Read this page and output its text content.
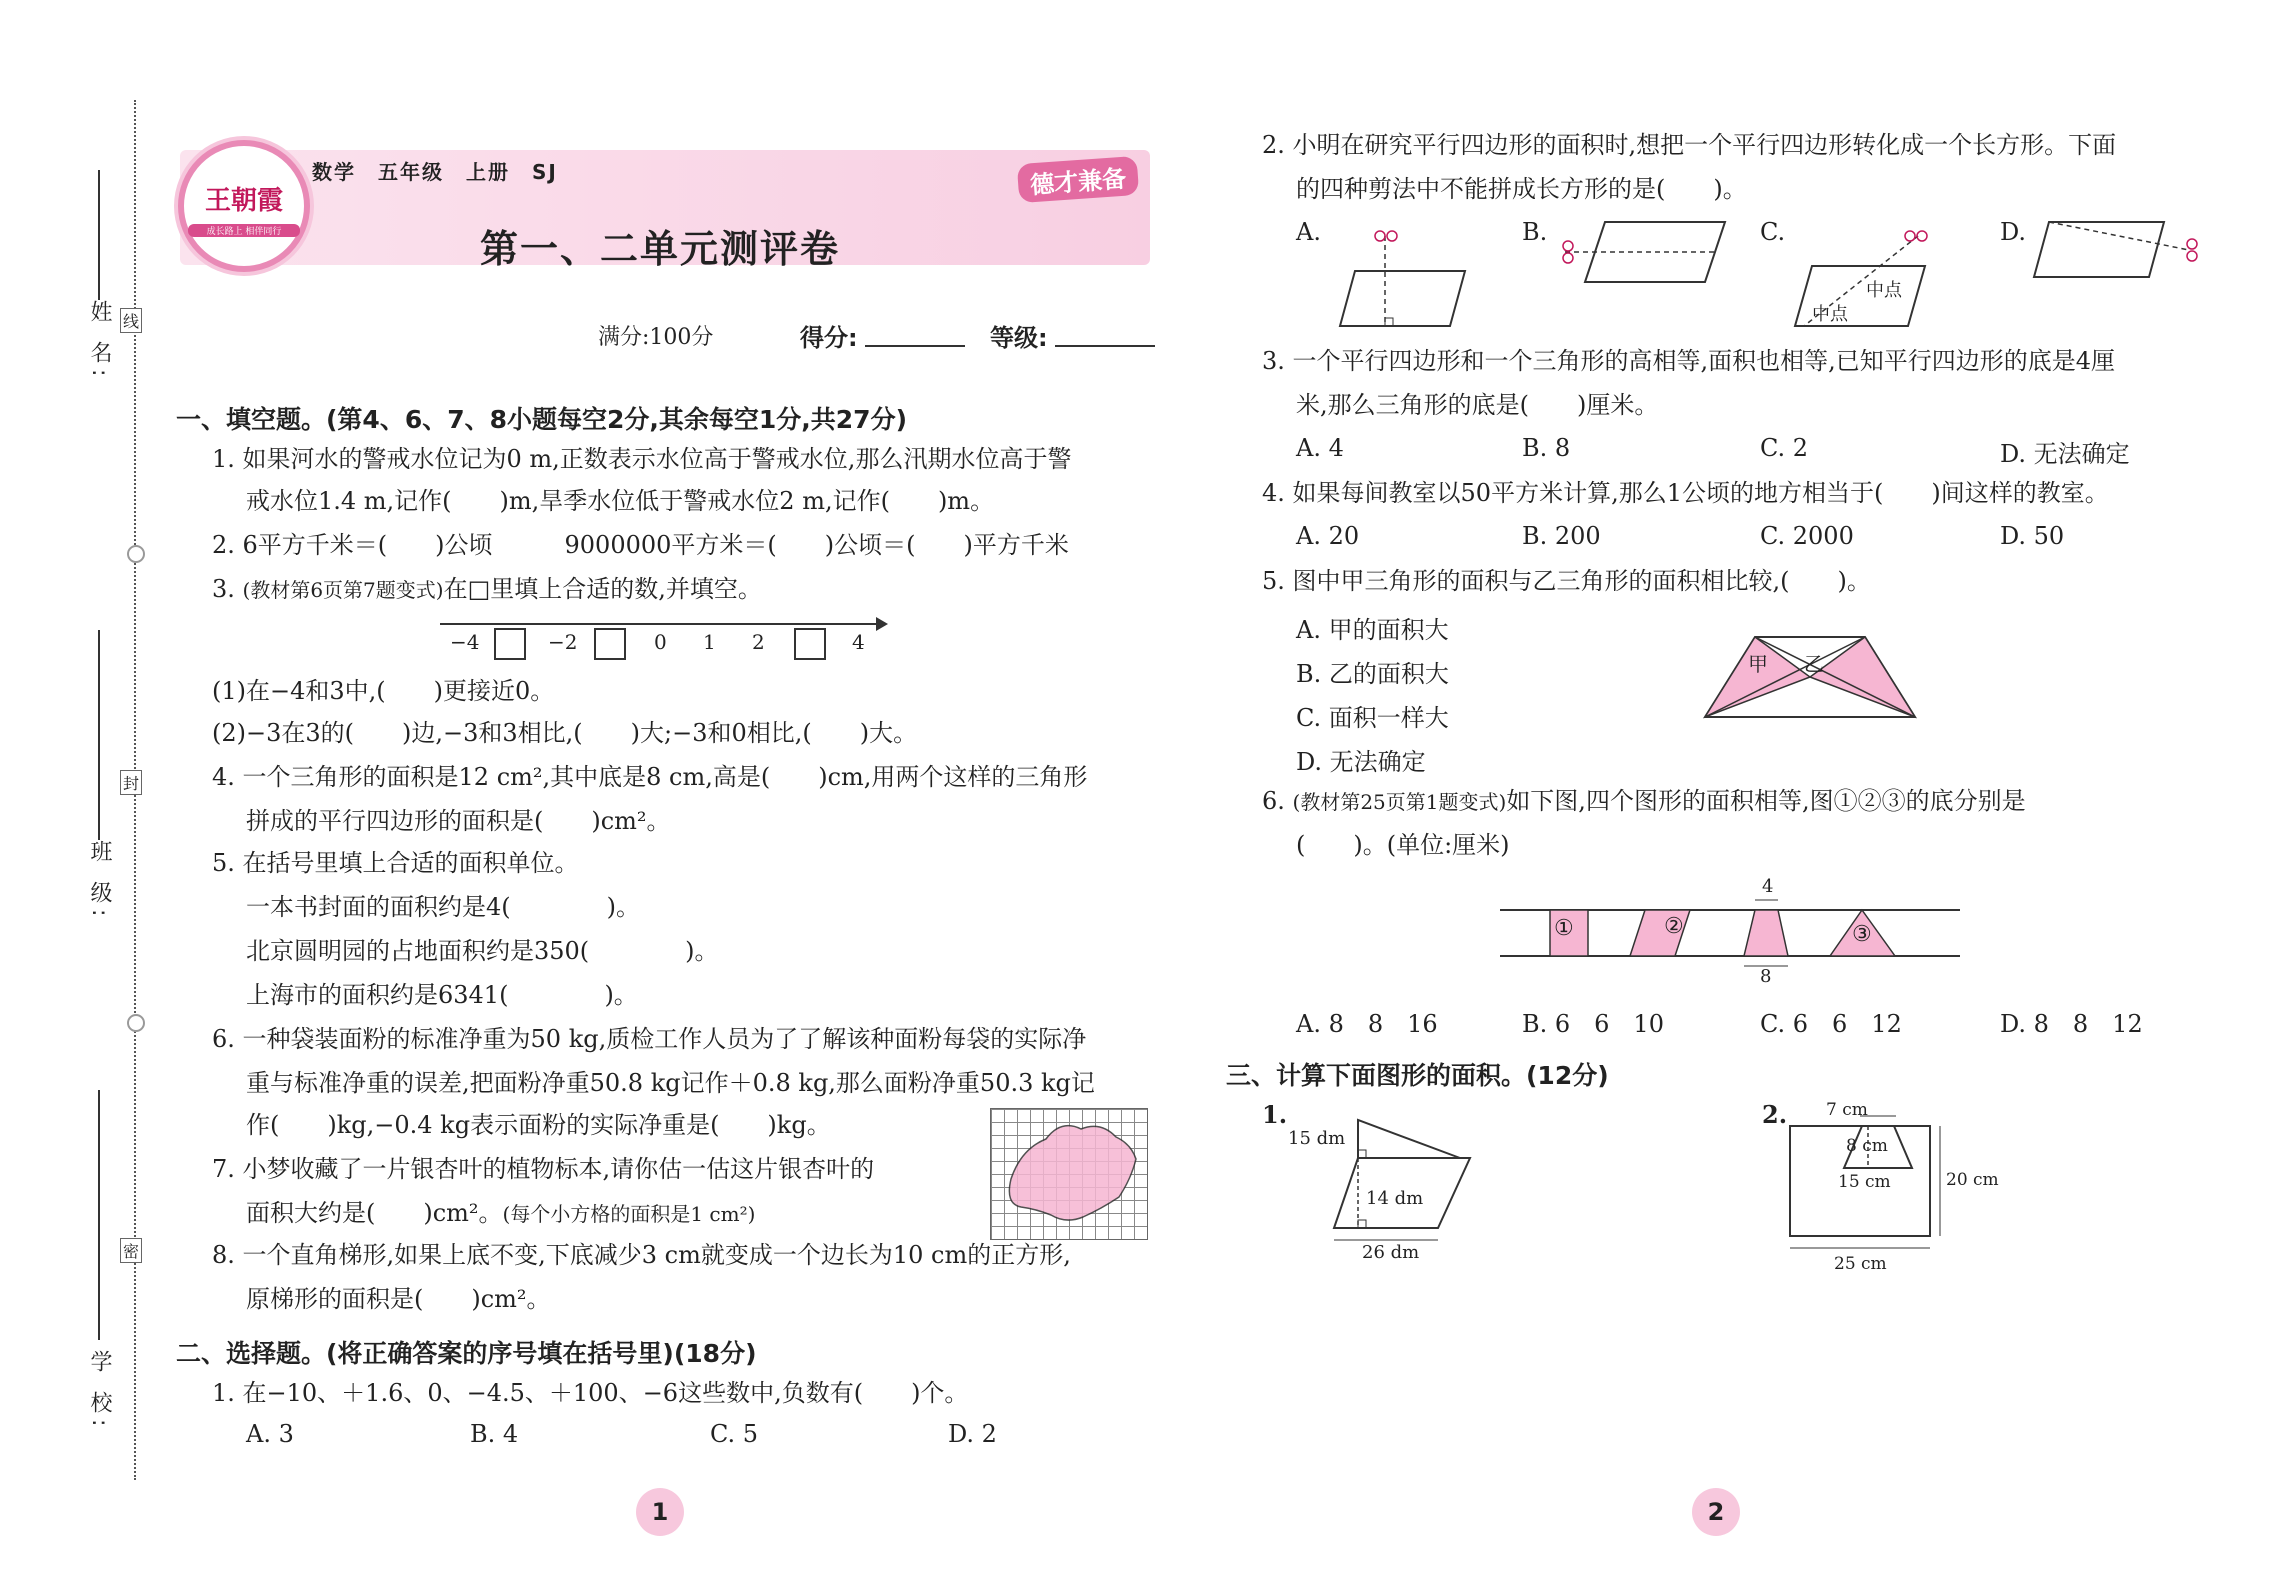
姓 名:
班 级:
学 校:
线
封
密
王朝霞
成长路上 相伴同行
数学　五年级　上册　SJ	德才兼备
第一、二单元测评卷
满分:100分	得分:	等级:
一、填空题。(第4、6、7、8小题每空2分,其余每空1分,共27分)
1. 如果河水的警戒水位记为0 m,正数表示水位高于警戒水位,那么汛期水位高于警
戒水位1.4 m,记作(　　)m,旱季水位低于警戒水位2 m,记作(　　)m。
2. 6平方千米＝(　　)公顷　　　9000000平方米＝(　　)公顷＝(　　)平方千米
3. (教材第6页第7题变式)在□里填上合适的数,并填空。
−4	−2	0 1 2	4
(1)在−4和3中,(　　)更接近0。
(2)−3在3的(　　)边,−3和3相比,(　　)大;−3和0相比,(　　)大。
4. 一个三角形的面积是12 cm²,其中底是8 cm,高是(　　)cm,用两个这样的三角形
拼成的平行四边形的面积是(　　)cm²。
5. 在括号里填上合适的面积单位。
一本书封面的面积约是4(　　　　)。
北京圆明园的占地面积约是350(　　　　)。
上海市的面积约是6341(　　　　)。
6. 一种袋装面粉的标准净重为50 kg,质检工作人员为了了解该种面粉每袋的实际净
重与标准净重的误差,把面粉净重50.8 kg记作＋0.8 kg,那么面粉净重50.3 kg记
作(　　)kg,−0.4 kg表示面粉的实际净重是(　　)kg。
7. 小梦收藏了一片银杏叶的植物标本,请你估一估这片银杏叶的
面积大约是(　　)cm²。(每个小方格的面积是1 cm²)
8. 一个直角梯形,如果上底不变,下底减少3 cm就变成一个边长为10 cm的正方形,
原梯形的面积是(　　)cm²。
二、选择题。(将正确答案的序号填在括号里)(18分)
1. 在−10、＋1.6、0、−4.5、＋100、−6这些数中,负数有(　　)个。
A. 3	B. 4	C. 5	D. 2
2. 小明在研究平行四边形的面积时,想把一个平行四边形转化成一个长方形。下面
的四种剪法中不能拼成长方形的是(　　)。
A.	B.	C.
中点
中点
D.
3. 一个平行四边形和一个三角形的高相等,面积也相等,已知平行四边形的底是4厘
米,那么三角形的底是(　　)厘米。
A. 4	B. 8	C. 2	D. 无法确定
4. 如果每间教室以50平方米计算,那么1公顷的地方相当于(　　)间这样的教室。
A. 20	B. 200	C. 2000	D. 50
5. 图中甲三角形的面积与乙三角形的面积相比较,(　　)。
A. 甲的面积大
B. 乙的面积大
C. 面积一样大
D. 无法确定
甲 乙
6. (教材第25页第1题变式)如下图,四个图形的面积相等,图①②③的底分别是
(　　)。(单位:厘米)
①	②	③
4
8
A. 8　8　16	B. 6　6　10	C. 6　6　12	D. 8　8　12
三、计算下面图形的面积。(12分)
1.
15 dm
14 dm
26 dm
2. 7 cm
8 cm
15 cm	20 cm
25 cm
1	2
